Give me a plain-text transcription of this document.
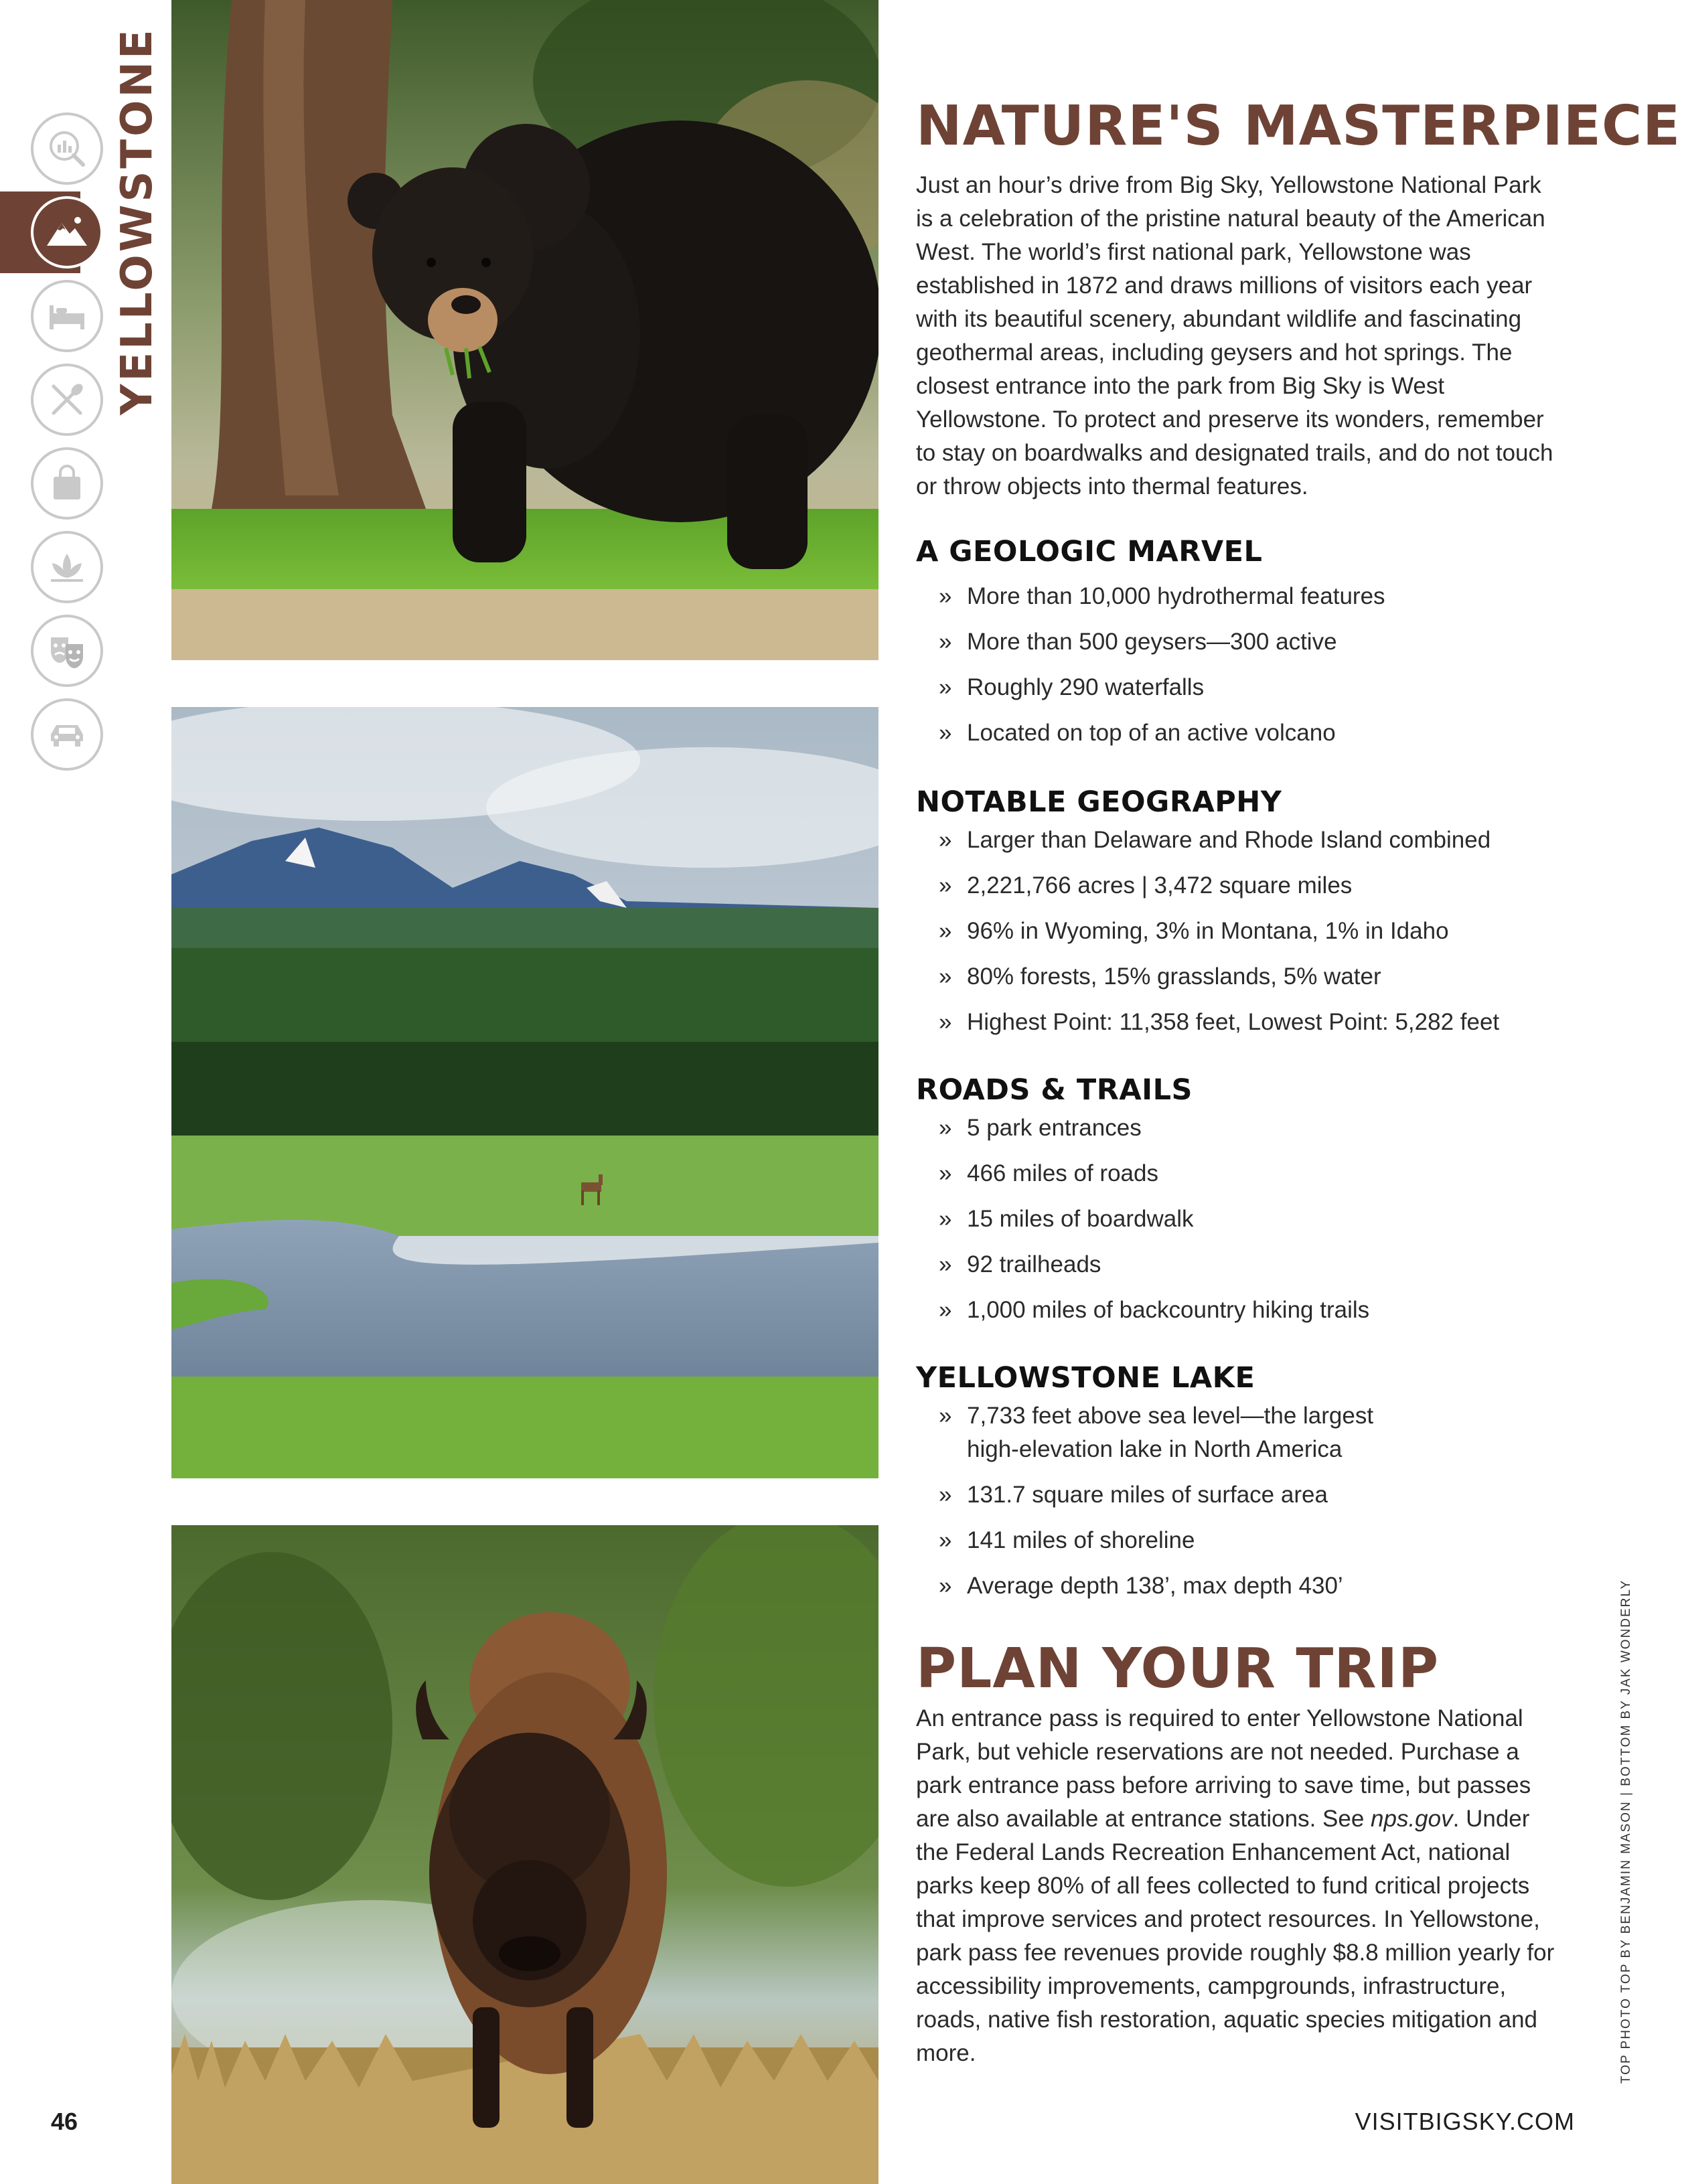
YELLOWSTONE	NATURE'S MASTERPIECE
Just an hour’s drive from Big Sky, Yellowstone National Park is a celebration of the pristine natural beauty of the American West. The world’s first national park, Yellowstone was established in 1872 and draws millions of visitors each year with its beautiful scenery, abundant wildlife and fascinating geothermal areas, including geysers and hot springs. The closest entrance into the park from Big Sky is West Yellowstone. To protect and preserve its wonders, remember to stay on boardwalks and designated trails, and do not touch or throw objects into thermal features.
A GEOLOGIC MARVEL
» More than 10,000 hydrothermal features
» More than 500 geysers—300 active
» Roughly 290 waterfalls
» Located on top of an active volcano
NOTABLE GEOGRAPHY
» Larger than Delaware and Rhode Island combined
» 2,221,766 acres | 3,472 square miles
» 96% in Wyoming, 3% in Montana, 1% in Idaho
» 80% forests, 15% grasslands, 5% water
» Highest Point: 11,358 feet, Lowest Point: 5,282 feet
ROADS & TRAILS
» 5 park entrances
» 466 miles of roads
» 15 miles of boardwalk
» 92 trailheads
» 1,000 miles of backcountry hiking trails
YELLOWSTONE LAKE
» 7,733 feet above sea level—the largest high-elevation lake in North America
» 131.7 square miles of surface area
» 141 miles of shoreline
» Average depth 138’, max depth 430’
PLAN YOUR TRIP
An entrance pass is required to enter Yellowstone National Park, but vehicle reservations are not needed. Purchase a park entrance pass before arriving to save time, but passes are also available at entrance stations. See nps.gov. Under the Federal Lands Recreation Enhancement Act, national parks keep 80% of all fees collected to fund critical projects that improve services and protect resources. In Yellowstone, park pass fee revenues provide roughly $8.8 million yearly for accessibility improvements, campgrounds, infrastructure, roads, native fish restoration, aquatic species mitigation and more.	TOP PHOTO TOP BY BENJAMIN MASON | BOTTOM BY JAK WONDERLY
46	VISITBIGSKY.COM
